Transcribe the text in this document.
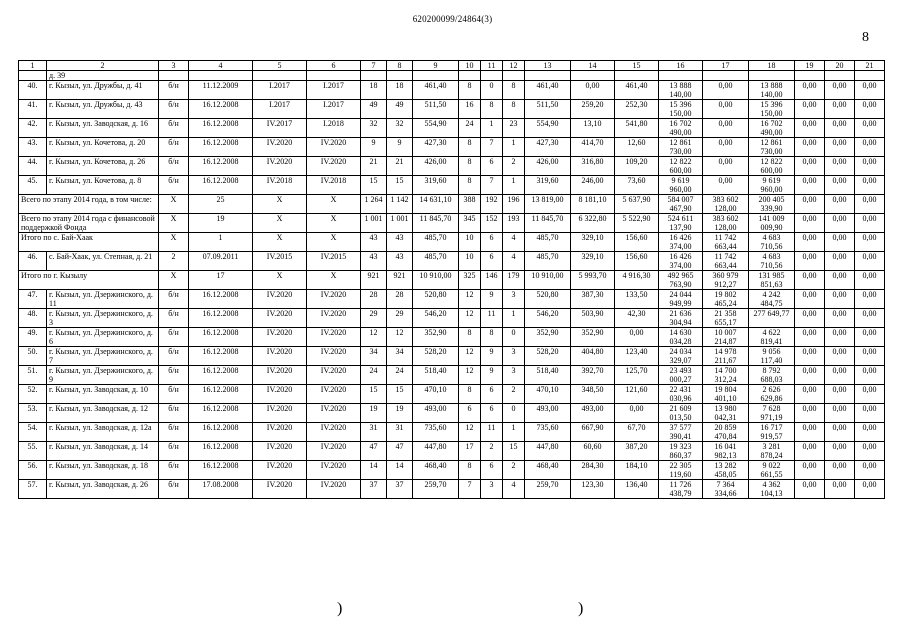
620200099/24864(3)
8
1	2	3	4	5	6	7	8	9	10	11	12	13	14	15	16	17	18	19	20	21
	д. 39																			
40.	г. Кызыл, ул. Дружбы, д. 41	б/н	11.12.2009	I.2017	I.2017	18	18	461,40	8	0	8	461,40	0,00	461,40	13 888 140,00	0,00	13 888 140,00	0,00	0,00	0,00
41.	г. Кызыл, ул. Дружбы, д. 43	б/н	16.12.2008	I.2017	I.2017	49	49	511,50	16	8	8	511,50	259,20	252,30	15 396 150,00	0,00	15 396 150,00	0,00	0,00	0,00
42.	г. Кызыл, ул. Заводская, д. 16	б/н	16.12.2008	IV.2017	I.2018	32	32	554,90	24	1	23	554,90	13,10	541,80	16 702 490,00	0,00	16 702 490,00	0,00	0,00	0,00
43.	г. Кызыл, ул. Кочетова, д. 20	б/н	16.12.2008	IV.2020	IV.2020	9	9	427,30	8	7	1	427,30	414,70	12,60	12 861 730,00	0,00	12 861 730,00	0,00	0,00	0,00
44.	г. Кызыл, ул. Кочетова, д. 26	б/н	16.12.2008	IV.2020	IV.2020	21	21	426,00	8	6	2	426,00	316,80	109,20	12 822 600,00	0,00	12 822 600,00	0,00	0,00	0,00
45.	г. Кызыл, ул. Кочетова, д. 8	б/н	16.12.2008	IV.2018	IV.2018	15	15	319,60	8	7	1	319,60	246,00	73,60	9 619 960,00	0,00	9 619 960,00	0,00	0,00	0,00
Всего по этапу 2014 года, в том числе:		X	25	X	X	1 264	1 142	14 631,10	388	192	196	13 819,00	8 181,10	5 637,90	584 007 467,90	383 602 128,00	200 405 339,90	0,00	0,00	0,00
Всего по этапу 2014 года с финансовой поддержкой Фонда		X	19	X	X	1 001	1 001	11 845,70	345	152	193	11 845,70	6 322,80	5 522,90	524 611 137,90	383 602 128,00	141 009 009,90	0,00	0,00	0,00
Итого по с. Бай-Хаак		X	1	X	X	43	43	485,70	10	6	4	485,70	329,10	156,60	16 426 374,00	11 742 663,44	4 683 710,56	0,00	0,00	0,00
46.	с. Бай-Хаак, ул. Степная, д. 21	2	07.09.2011	IV.2015	IV.2015	43	43	485,70	10	6	4	485,70	329,10	156,60	16 426 374,00	11 742 663,44	4 683 710,56	0,00	0,00	0,00
Итого по г. Кызылу		X	17	X	X	921	921	10 910,00	325	146	179	10 910,00	5 993,70	4 916,30	492 965 763,90	360 979 912,27	131 985 851,63	0,00	0,00	0,00
47.	г. Кызыл, ул. Дзержинского, д. 11	б/н	16.12.2008	IV.2020	IV.2020	28	28	520,80	12	9	3	520,80	387,30	133,50	24 044 949,99	19 802 465,24	4 242 484,75	0,00	0,00	0,00
48.	г. Кызыл, ул. Дзержинского, д. 3	б/н	16.12.2008	IV.2020	IV.2020	29	29	546,20	12	11	1	546,20	503,90	42,30	21 636 304,94	21 358 655,17	277 649,77	0,00	0,00	0,00
49.	г. Кызыл, ул. Дзержинского, д. 6	б/н	16.12.2008	IV.2020	IV.2020	12	12	352,90	8	8	0	352,90	352,90	0,00	14 630 034,28	10 007 214,87	4 622 819,41	0,00	0,00	0,00
50.	г. Кызыл, ул. Дзержинского, д. 7	б/н	16.12.2008	IV.2020	IV.2020	34	34	528,20	12	9	3	528,20	404,80	123,40	24 034 329,07	14 978 211,67	9 056 117,40	0,00	0,00	0,00
51.	г. Кызыл, ул. Дзержинского, д. 9	б/н	16.12.2008	IV.2020	IV.2020	24	24	518,40	12	9	3	518,40	392,70	125,70	23 493 000,27	14 700 312,24	8 792 688,03	0,00	0,00	0,00
52.	г. Кызыл, ул. Заводская, д. 10	б/н	16.12.2008	IV.2020	IV.2020	15	15	470,10	8	6	2	470,10	348,50	121,60	22 431 030,96	19 804 401,10	2 626 629,86	0,00	0,00	0,00
53.	г. Кызыл, ул. Заводская, д. 12	б/н	16.12.2008	IV.2020	IV.2020	19	19	493,00	6	6	0	493,00	493,00	0,00	21 609 013,50	13 980 042,31	7 628 971,19	0,00	0,00	0,00
54.	г. Кызыл, ул. Заводская, д. 12а	б/н	16.12.2008	IV.2020	IV.2020	31	31	735,60	12	11	1	735,60	667,90	67,70	37 577 390,41	20 859 470,84	16 717 919,57	0,00	0,00	0,00
55.	г. Кызыл, ул. Заводская, д. 14	б/н	16.12.2008	IV.2020	IV.2020	47	47	447,80	17	2	15	447,80	60,60	387,20	19 323 860,37	16 041 982,13	3 281 878,24	0,00	0,00	0,00
56.	г. Кызыл, ул. Заводская, д. 18	б/н	16.12.2008	IV.2020	IV.2020	14	14	468,40	8	6	2	468,40	284,30	184,10	22 305 119,60	13 282 458,05	9 022 661,55	0,00	0,00	0,00
57.	г. Кызыл, ул. Заводская, д. 26	б/н	17.08.2008	IV.2020	IV.2020	37	37	259,70	7	3	4	259,70	123,30	136,40	11 726 438,79	7 364 334,66	4 362 104,13	0,00	0,00	0,00
)	)
